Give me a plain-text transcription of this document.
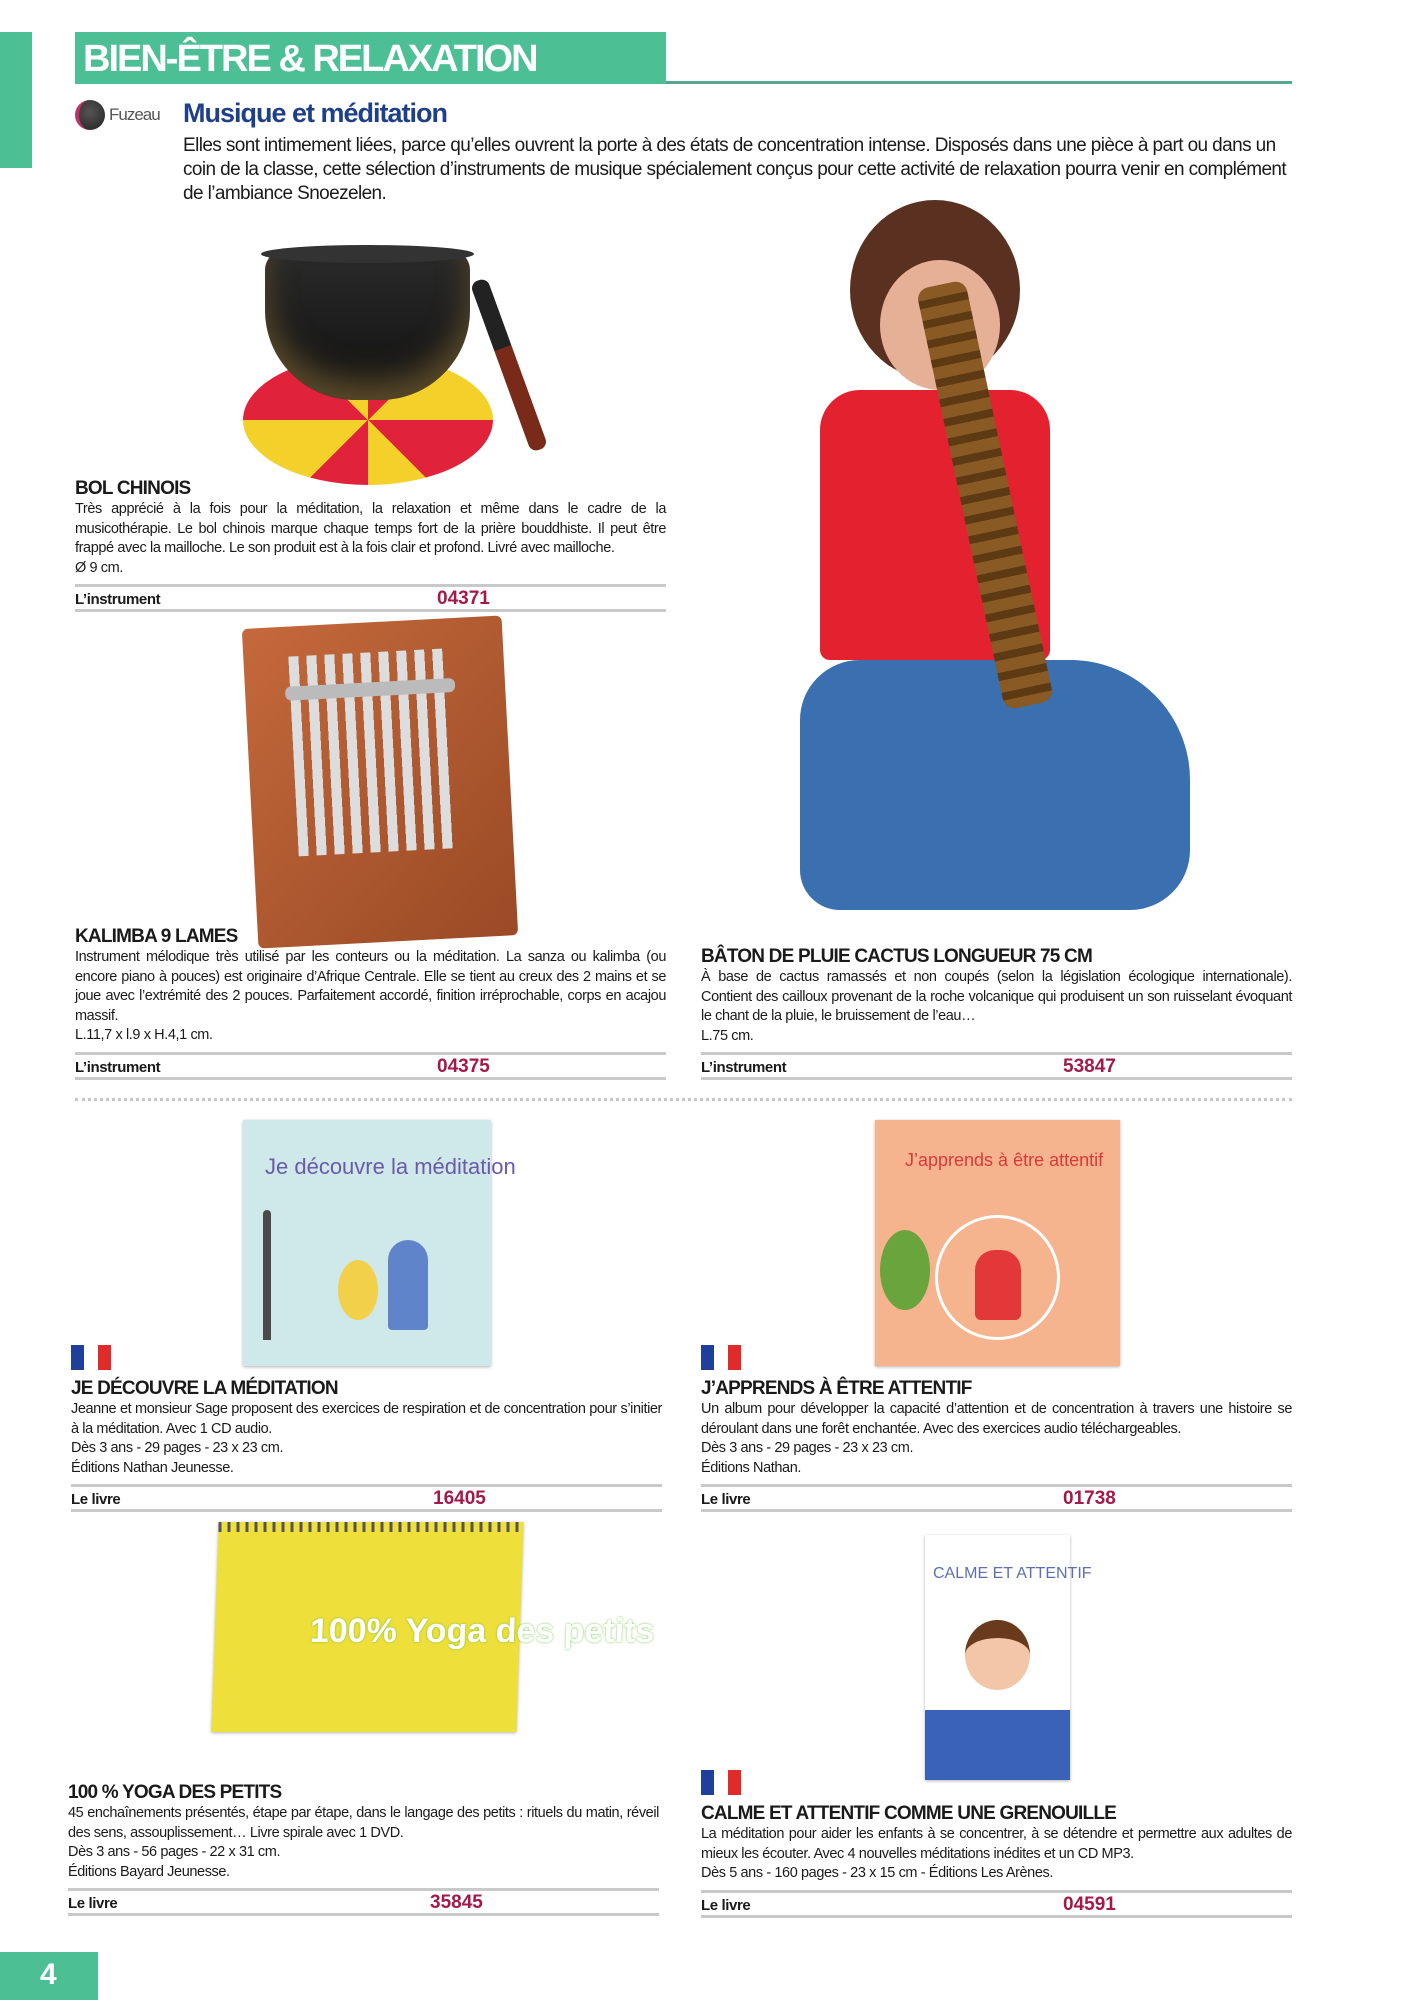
BIEN-ÊTRE & RELAXATION
Fuzeau Musique et méditation
Elles sont intimement liées, parce qu’elles ouvrent la porte à des états de concentration intense. Disposés dans une pièce à part ou dans un coin de la classe, cette sélection d’instruments de musique spécialement conçus pour cette activité de relaxation pourra venir en complément de l’ambiance Snoezelen.
BOL CHINOIS
Très apprécié à la fois pour la méditation, la relaxation et même dans le cadre de la musicothérapie. Le bol chinois marque chaque temps fort de la prière bouddhiste. Il peut être frappé avec la mailloche. Le son produit est à la fois clair et profond. Livré avec mailloche.
Ø 9 cm.
L’instrument	04371
KALIMBA 9 LAMES
Instrument mélodique très utilisé par les conteurs ou la méditation. La sanza ou kalimba (ou encore piano à pouces) est originaire d’Afrique Centrale. Elle se tient au creux des 2 mains et se joue avec l’extrémité des 2 pouces. Parfaitement accordé, finition irréprochable, corps en acajou massif.
L.11,7 x l.9 x H.4,1 cm.
L’instrument	04375
BÂTON DE PLUIE CACTUS LONGUEUR 75 CM
À base de cactus ramassés et non coupés (selon la législation écologique internationale). Contient des cailloux provenant de la roche volcanique qui produisent un son ruisselant évoquant le chant de la pluie, le bruissement de l’eau…
L.75 cm.
L’instrument	53847
Je découvre la méditation	J’apprends à être attentif
100% Yoga des petits
CALME ET ATTENTIF
JE DÉCOUVRE LA MÉDITATION
Jeanne et monsieur Sage proposent des exercices de respiration et de concentration pour s’initier à la méditation. Avec 1 CD audio.
Dès 3 ans - 29 pages - 23 x 23 cm.
Éditions Nathan Jeunesse.
Le livre	16405
J’APPRENDS À ÊTRE ATTENTIF
Un album pour développer la capacité d’attention et de concentration à travers une histoire se déroulant dans une forêt enchantée. Avec des exercices audio téléchargeables.
Dès 3 ans - 29 pages - 23 x 23 cm.
Éditions Nathan.
Le livre	01738
100 % YOGA DES PETITS
45 enchaînements présentés, étape par étape, dans le langage des petits : rituels du matin, réveil des sens, assouplissement… Livre spirale avec 1 DVD.
Dès 3 ans - 56 pages - 22 x 31 cm.
Éditions Bayard Jeunesse.
Le livre	35845
CALME ET ATTENTIF COMME UNE GRENOUILLE
La méditation pour aider les enfants à se concentrer, à se détendre et permettre aux adultes de mieux les écouter. Avec 4 nouvelles méditations inédites et un CD MP3.
Dès 5 ans - 160 pages - 23 x 15 cm - Éditions Les Arènes.
Le livre	04591
4
